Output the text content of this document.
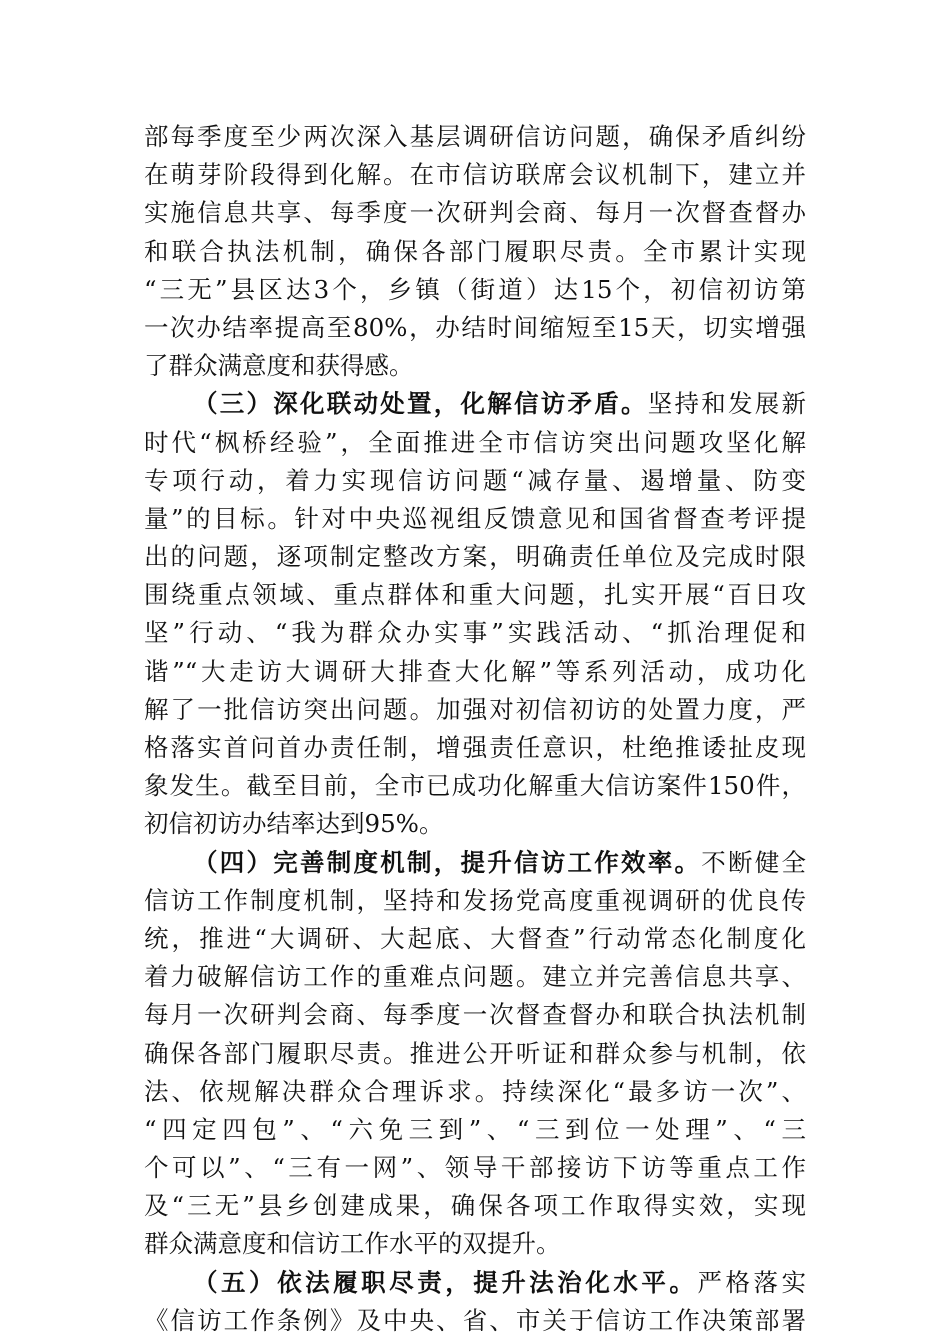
部每季度至少两次深入基层调研信访问题，确保矛盾纠纷
在萌芽阶段得到化解。在市信访联席会议机制下，建立并
实施信息共享、每季度一次研判会商、每月一次督查督办
和联合执法机制，确保各部门履职尽责。全市累计实现
“三无”县区达3个，乡镇（街道）达15个，初信初访第
一次办结率提高至80%，办结时间缩短至15天，切实增强
了群众满意度和获得感。
（三）深化联动处置，化解信访矛盾。坚持和发展新
时代“枫桥经验”，全面推进全市信访突出问题攻坚化解
专项行动，着力实现信访问题“减存量、遏增量、防变
量”的目标。针对中央巡视组反馈意见和国省督查考评提
出的问题，逐项制定整改方案，明确责任单位及完成时限
围绕重点领域、重点群体和重大问题，扎实开展“百日攻
坚”行动、“我为群众办实事”实践活动、“抓治理促和
谐”“大走访大调研大排查大化解”等系列活动，成功化
解了一批信访突出问题。加强对初信初访的处置力度，严
格落实首问首办责任制，增强责任意识，杜绝推诿扯皮现
象发生。截至目前，全市已成功化解重大信访案件150件，
初信初访办结率达到95%。
（四）完善制度机制，提升信访工作效率。不断健全
信访工作制度机制，坚持和发扬党高度重视调研的优良传
统，推进“大调研、大起底、大督查”行动常态化制度化
着力破解信访工作的重难点问题。建立并完善信息共享、
每月一次研判会商、每季度一次督查督办和联合执法机制
确保各部门履职尽责。推进公开听证和群众参与机制，依
法、依规解决群众合理诉求。持续深化“最多访一次”、
“四定四包”、“六免三到”、“三到位一处理”、“三
个可以”、“三有一网”、领导干部接访下访等重点工作
及“三无”县乡创建成果，确保各项工作取得实效，实现
群众满意度和信访工作水平的双提升。
（五）依法履职尽责，提升法治化水平。严格落实
《信访工作条例》及中央、省、市关于信访工作决策部署
